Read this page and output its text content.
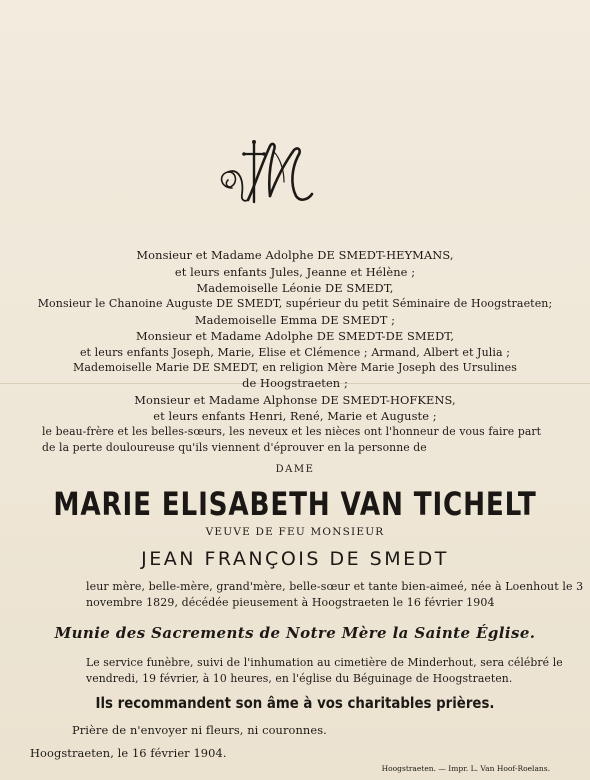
Monsieur et Madame Adolphe DE SMEDT-HEYMANS,
et leurs enfants Jules, Jeanne et Hélène ;
Mademoiselle Léonie DE SMEDT,
Monsieur le Chanoine Auguste DE SMEDT, supérieur du petit Séminaire de Hoogstraeten;
Mademoiselle Emma DE SMEDT ;
Monsieur et Madame Adolphe DE SMEDT-DE SMEDT,
et leurs enfants Joseph, Marie, Elise et Clémence ; Armand, Albert et Julia ;
Mademoiselle Marie DE SMEDT, en religion Mère Marie Joseph des Ursulines
de Hoogstraeten ;
Monsieur et Madame Alphonse DE SMEDT-HOFKENS,
et leurs enfants Henri, René, Marie et Auguste ;
le beau-frère et les belles-sœurs, les neveux et les nièces ont l'honneur de vous faire part
de la perte douloureuse qu'ils viennent d'éprouver en la personne de
DAME
MARIE ELISABETH VAN TICHELT
VEUVE DE FEU MONSIEUR
JEAN FRANÇOIS DE SMEDT
leur mère, belle-mère, grand'mère, belle-sœur et tante bien-aimeé, née à Loenhout le 3
novembre 1829, décédée pieusement à Hoogstraeten le 16 février 1904
Munie des Sacrements de Notre Mère la Sainte Église.
Le service funèbre, suivi de l'inhumation au cimetière de Minderhout, sera célébré le
vendredi, 19 février, à 10 heures, en l'église du Béguinage de Hoogstraeten.
Ils recommandent son âme à vos charitables prières.
Prière de n'envoyer ni fleurs, ni couronnes.
Hoogstraeten, le 16 février 1904.
Hoogstraeten. — Impr. L. Van Hoof-Roelans.
